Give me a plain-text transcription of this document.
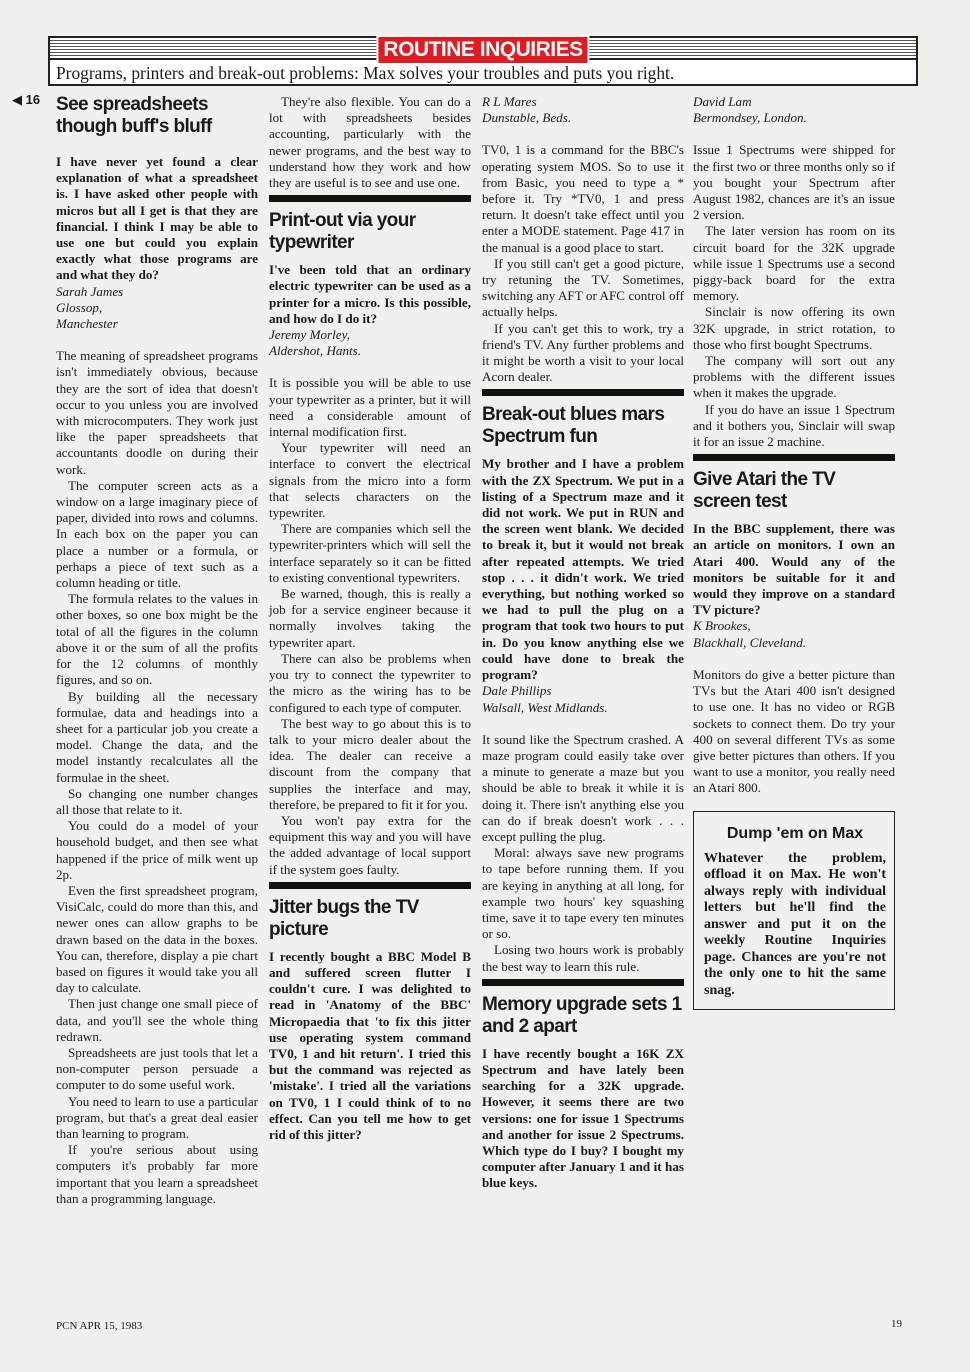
ROUTINE INQUIRIES
Programs, printers and break-out problems: Max solves your troubles and puts you right.
◀ 16 See spreadsheets though buff's bluff

I have never yet found a clear explanation of what a spreadsheet is. I have asked other people with micros but all I get is that they are financial. I think I may be able to use one but could you explain exactly what those programs are and what they do?

Sarah James

Glossop,

Manchester

The meaning of spreadsheet programs isn't immediately obvious, because they are the sort of idea that doesn't occur to you unless you are involved with microcomputers. They work just like the paper spreadsheets that accountants doodle on during their work.

The computer screen acts as a window on a large imaginary piece of paper, divided into rows and columns. In each box on the paper you can place a number or a formula, or perhaps a piece of text such as a column heading or title.

The formula relates to the values in other boxes, so one box might be the total of all the figures in the column above it or the sum of all the profits for the 12 columns of monthly figures, and so on.

By building all the necessary formulae, data and headings into a sheet for a particular job you create a model. Change the data, and the model instantly recalculates all the formulae in the sheet.

So changing one number changes all those that relate to it.

You could do a model of your household budget, and then see what happened if the price of milk went up 2p.

Even the first spreadsheet program, VisiCalc, could do more than this, and newer ones can allow graphs to be drawn based on the data in the boxes. You can, therefore, display a pie chart based on figures it would take you all day to calculate.

Then just change one small piece of data, and you'll see the whole thing redrawn.

Spreadsheets are just tools that let a non-computer person persuade a computer to do some useful work.

You need to learn to use a particular program, but that's a great deal easier than learning to program.

If you're serious about using computers it's probably far more important that you learn a spreadsheet than a programming language.

They're also flexible. You can do a lot with spreadsheets besides accounting, particularly with the newer programs, and the best way to understand how they work and how they are useful is to see and use one.

Print-out via your typewriter

I've been told that an ordinary electric typewriter can be used as a printer for a micro. Is this possible, and how do I do it?

Jeremy Morley,

Aldershot, Hants.

It is possible you will be able to use your typewriter as a printer, but it will need a considerable amount of internal modification first.

Your typewriter will need an interface to convert the electrical signals from the micro into a form that selects characters on the typewriter.

There are companies which sell the typewriter-printers which will sell the interface separately so it can be fitted to existing conventional typewriters.

Be warned, though, this is really a job for a service engineer because it normally involves taking the typewriter apart.

There can also be problems when you try to connect the typewriter to the micro as the wiring has to be configured to each type of computer.

The best way to go about this is to talk to your micro dealer about the idea. The dealer can receive a discount from the company that supplies the interface and may, therefore, be prepared to fit it for you.

You won't pay extra for the equipment this way and you will have the added advantage of local support if the system goes faulty.

Jitter bugs the TV picture

I recently bought a BBC Model B and suffered screen flutter I couldn't cure. I was delighted to read in 'Anatomy of the BBC' Micropaedia that 'to fix this jitter use operating system command TV0, 1 and hit return'. I tried this but the command was rejected as 'mistake'. I tried all the variations on TV0, 1 I could think of to no effect. Can you tell me how to get rid of this jitter?

R L Mares

Dunstable, Beds.

TV0, 1 is a command for the BBC's operating system MOS. So to use it from Basic, you need to type a * before it. Try *TV0, 1 and press return. It doesn't take effect until you enter a MODE statement. Page 417 in the manual is a good place to start.

If you still can't get a good picture, try retuning the TV. Sometimes, switching any AFT or AFC control off actually helps.

If you can't get this to work, try a friend's TV. Any further problems and it might be worth a visit to your local Acorn dealer.

Break-out blues mars Spectrum fun

My brother and I have a problem with the ZX Spectrum. We put in a listing of a Spectrum maze and it did not work. We put in RUN and the screen went blank. We decided to break it, but it would not break after repeated attempts. We tried stop . . . it didn't work. We tried everything, but nothing worked so we had to pull the plug on a program that took two hours to put in. Do you know anything else we could have done to break the program?

Dale Phillips

Walsall, West Midlands.

It sound like the Spectrum crashed. A maze program could easily take over a minute to generate a maze but you should be able to break it while it is doing it. There isn't anything else you can do if break doesn't work . . . except pulling the plug.

Moral: always save new programs to tape before running them. If you are keying in anything at all long, for example two hours' key squashing time, save it to tape every ten minutes or so.

Losing two hours work is probably the best way to learn this rule.

Memory upgrade sets 1 and 2 apart

I have recently bought a 16K ZX Spectrum and have lately been searching for a 32K upgrade. However, it seems there are two versions: one for issue 1 Spectrums and another for issue 2 Spectrums. Which type do I buy? I bought my computer after January 1 and it has blue keys.

David Lam

Bermondsey, London.

Issue 1 Spectrums were shipped for the first two or three months only so if you bought your Spectrum after August 1982, chances are it's an issue 2 version.

The later version has room on its circuit board for the 32K upgrade while issue 1 Spectrums use a second piggy-back board for the extra memory.

Sinclair is now offering its own 32K upgrade, in strict rotation, to those who first bought Spectrums.

The company will sort out any problems with the different issues when it makes the upgrade.

If you do have an issue 1 Spectrum and it bothers you, Sinclair will swap it for an issue 2 machine.

Give Atari the TV screen test

In the BBC supplement, there was an article on monitors. I own an Atari 400. Would any of the monitors be suitable for it and would they improve on a standard TV picture?

K Brookes,

Blackhall, Cleveland.

Monitors do give a better picture than TVs but the Atari 400 isn't designed to use one. It has no video or RGB sockets to connect them. Do try your 400 on several different TVs as some give better pictures than others. If you want to use a monitor, you really need an Atari 800.

Dump 'em on Max

Whatever the problem, offload it on Max. He won't always reply with individual letters but he'll find the answer and put it on the weekly Routine Inquiries page. Chances are you're not the only one to hit the same snag.

PCN APR 15, 1983	19
